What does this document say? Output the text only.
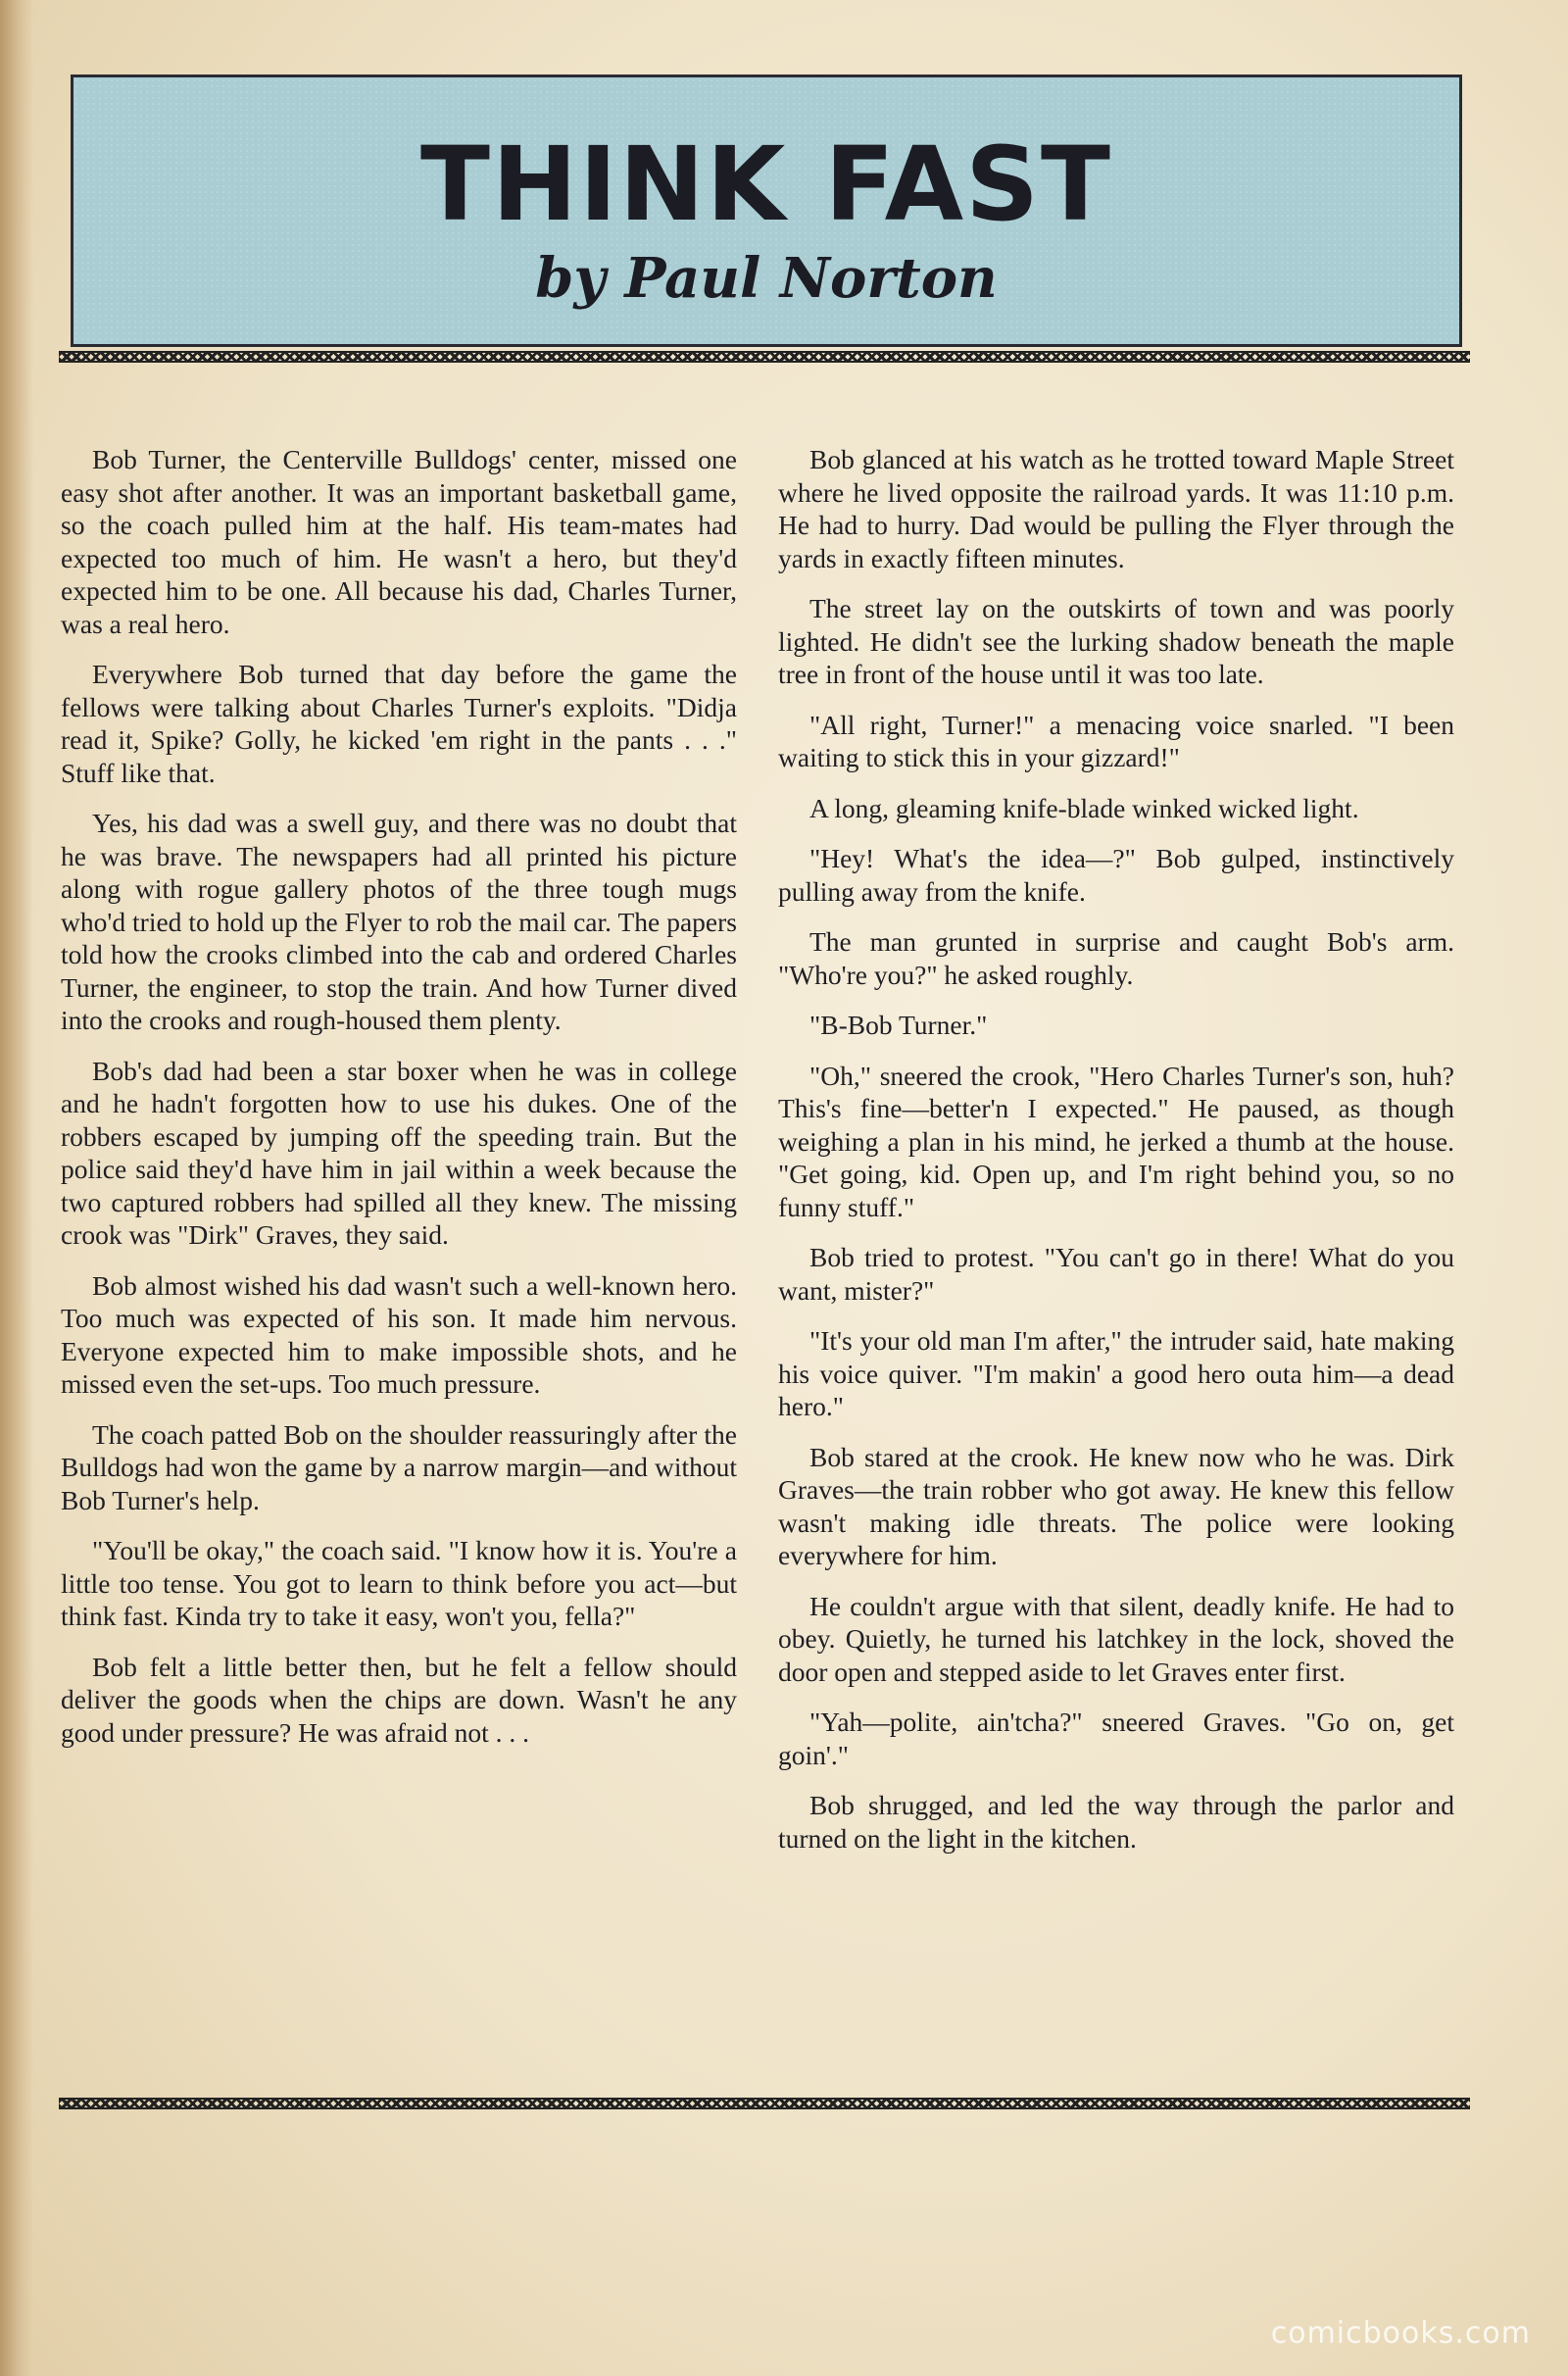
THINK FAST
by Paul Norton

Bob Turner, the Centerville Bulldogs' center, missed one easy shot after another. It was an important basketball game, so the coach pulled him at the half. His team-mates had expected too much of him. He wasn't a hero, but they'd expected him to be one. All because his dad, Charles Turner, was a real hero.

Everywhere Bob turned that day before the game the fellows were talking about Charles Turner's exploits. "Didja read it, Spike? Golly, he kicked 'em right in the pants . . ." Stuff like that.

Yes, his dad was a swell guy, and there was no doubt that he was brave. The newspapers had all printed his picture along with rogue gallery photos of the three tough mugs who'd tried to hold up the Flyer to rob the mail car. The papers told how the crooks climbed into the cab and ordered Charles Turner, the engineer, to stop the train. And how Turner dived into the crooks and rough-housed them plenty.

Bob's dad had been a star boxer when he was in college and he hadn't forgotten how to use his dukes. One of the robbers escaped by jumping off the speeding train. But the police said they'd have him in jail within a week because the two captured robbers had spilled all they knew. The missing crook was "Dirk" Graves, they said.

Bob almost wished his dad wasn't such a well-known hero. Too much was expected of his son. It made him nervous. Everyone expected him to make impossible shots, and he missed even the set-ups. Too much pressure.

The coach patted Bob on the shoulder reassuringly after the Bulldogs had won the game by a narrow margin—and without Bob Turner's help.

"You'll be okay," the coach said. "I know how it is. You're a little too tense. You got to learn to think before you act—but think fast. Kinda try to take it easy, won't you, fella?"

Bob felt a little better then, but he felt a fellow should deliver the goods when the chips are down. Wasn't he any good under pressure? He was afraid not . . .

Bob glanced at his watch as he trotted toward Maple Street where he lived opposite the railroad yards. It was 11:10 p.m. He had to hurry. Dad would be pulling the Flyer through the yards in exactly fifteen minutes.

The street lay on the outskirts of town and was poorly lighted. He didn't see the lurking shadow beneath the maple tree in front of the house until it was too late.

"All right, Turner!" a menacing voice snarled. "I been waiting to stick this in your gizzard!"

A long, gleaming knife-blade winked wicked light.

"Hey! What's the idea—?" Bob gulped, instinctively pulling away from the knife.

The man grunted in surprise and caught Bob's arm. "Who're you?" he asked roughly.

"B-Bob Turner."

"Oh," sneered the crook, "Hero Charles Turner's son, huh? This's fine—better'n I expected." He paused, as though weighing a plan in his mind, he jerked a thumb at the house. "Get going, kid. Open up, and I'm right behind you, so no funny stuff."

Bob tried to protest. "You can't go in there! What do you want, mister?"

"It's your old man I'm after," the intruder said, hate making his voice quiver. "I'm makin' a good hero outa him—a dead hero."

Bob stared at the crook. He knew now who he was. Dirk Graves—the train robber who got away. He knew this fellow wasn't making idle threats. The police were looking everywhere for him.

He couldn't argue with that silent, deadly knife. He had to obey. Quietly, he turned his latchkey in the lock, shoved the door open and stepped aside to let Graves enter first.

"Yah—polite, ain'tcha?" sneered Graves. "Go on, get goin'."

Bob shrugged, and led the way through the parlor and turned on the light in the kitchen.

comicbooks.com
